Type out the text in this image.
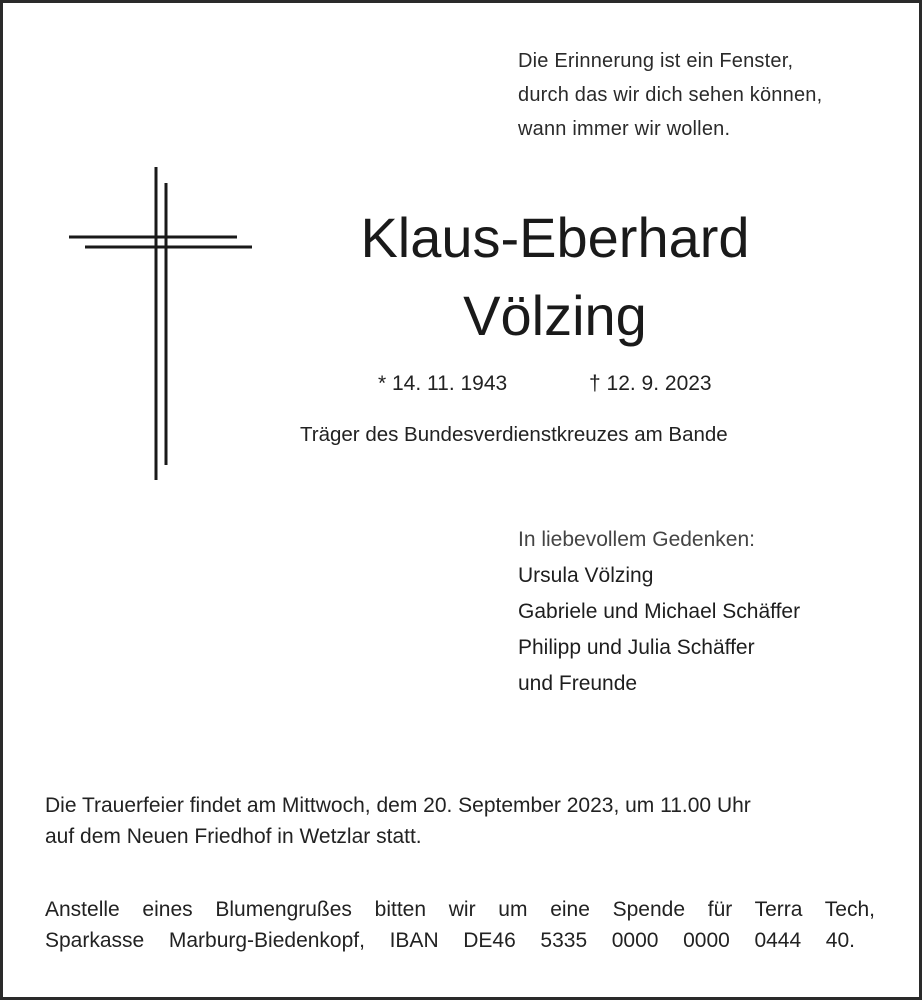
Die Erinnerung ist ein Fenster,
durch das wir dich sehen können,
wann immer wir wollen.
Klaus-Eberhard
Völzing
* 14. 11. 1943	† 12. 9. 2023
Träger des Bundesverdienstkreuzes am Bande
In liebevollem Gedenken:
Ursula Völzing
Gabriele und Michael Schäffer
Philipp und Julia Schäffer
und Freunde
Die Trauerfeier findet am Mittwoch, dem 20. September 2023, um 11.00 Uhr
auf dem Neuen Friedhof in Wetzlar statt.
Anstelle eines Blumengrußes bitten wir um eine Spende für Terra Tech,
Sparkasse Marburg-Biedenkopf, IBAN DE46 5335 0000 0000 0444 40.
